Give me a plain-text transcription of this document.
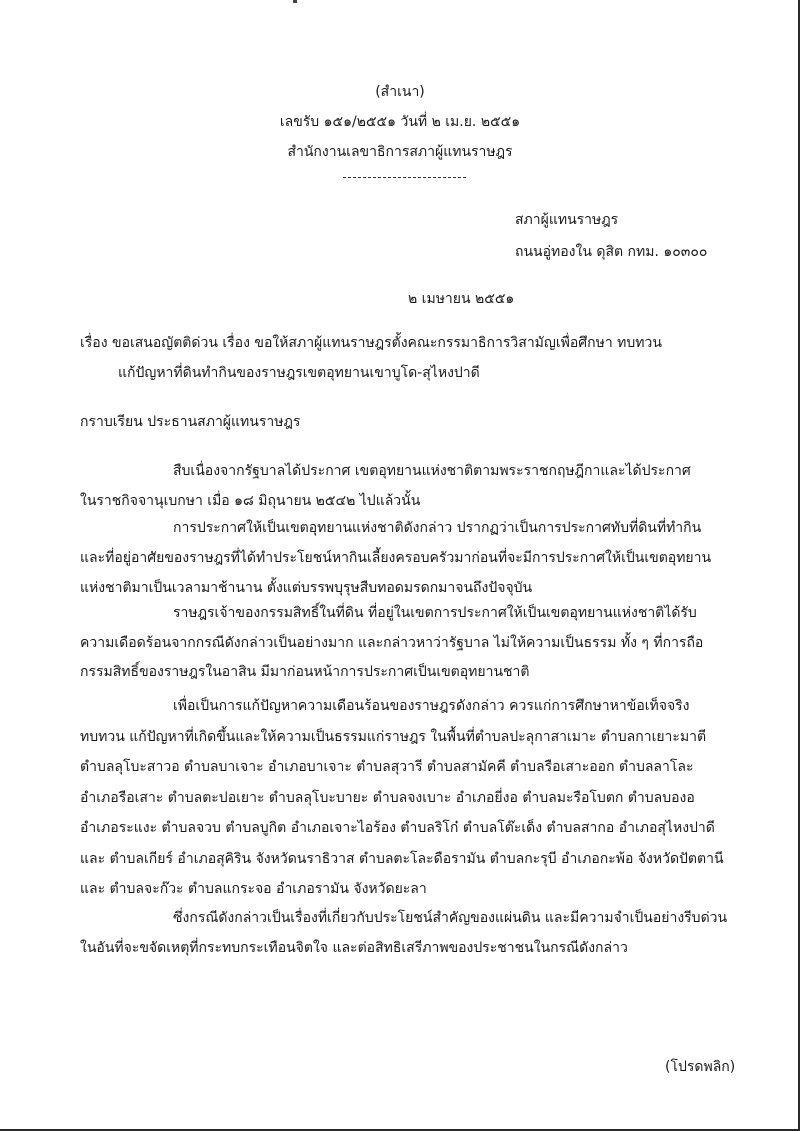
(สำเนา)
เลขรับ ๑๕๑/๒๕๕๑ วันที่ ๒ เม.ย. ๒๕๕๑
สำนักงานเลขาธิการสภาผู้แทนราษฎร
สภาผู้แทนราษฎร
ถนนอู่ทองใน ดุสิต กทม. ๑๐๓๐๐
๒ เมษายน ๒๕๕๑
เรื่อง ขอเสนอญัตติด่วน เรื่อง ขอให้สภาผู้แทนราษฎรตั้งคณะกรรมาธิการวิสามัญเพื่อศึกษา ทบทวน
แก้ปัญหาที่ดินทำกินของราษฎรเขตอุทยานเขาบูโด-สุไหงปาดี
กราบเรียน ประธานสภาผู้แทนราษฎร
สืบเนื่องจากรัฐบาลได้ประกาศ เขตอุทยานแห่งชาติตามพระราชกฤษฎีกาและได้ประกาศ
ในราชกิจจานุเบกษา เมื่อ ๑๘ มิถุนายน ๒๕๔๒ ไปแล้วนั้น
การประกาศให้เป็นเขตอุทยานแห่งชาติดังกล่าว ปรากฏว่าเป็นการประกาศทับที่ดินที่ทำกิน
และที่อยู่อาศัยของราษฎรที่ได้ทำประโยชน์หากินเลี้ยงครอบครัวมาก่อนที่จะมีการประกาศให้เป็นเขตอุทยาน
แห่งชาติมาเป็นเวลามาช้านาน ตั้งแต่บรรพบุรุษสืบทอดมรดกมาจนถึงปัจจุบัน
ราษฎรเจ้าของกรรมสิทธิ์ในที่ดิน ที่อยู่ในเขตการประกาศให้เป็นเขตอุทยานแห่งชาติได้รับ
ความเดือดร้อนจากกรณีดังกล่าวเป็นอย่างมาก และกล่าวหาว่ารัฐบาล ไม่ให้ความเป็นธรรม ทั้ง ๆ ที่การถือ
กรรมสิทธิ์ของราษฎรในอาสิน มีมาก่อนหน้าการประกาศเป็นเขตอุทยานชาติ
เพื่อเป็นการแก้ปัญหาความเดือนร้อนของราษฎรดังกล่าว ควรแก่การศึกษาหาข้อเท็จจริง
ทบทวน แก้ปัญหาที่เกิดขึ้นและให้ความเป็นธรรมแก่ราษฎร ในพื้นที่ตำบลปะลุกาสาเมาะ ตำบลกาเยาะมาตี
ตำบลลุโบะสาวอ ตำบลบาเจาะ อำเภอบาเจาะ ตำบลสุวารี ตำบลสามัคคี ตำบลรือเสาะออก ตำบลลาโละ
อำเภอรือเสาะ ตำบลตะปอเยาะ ตำบลลุโบะบายะ ตำบลจงเบาะ อำเภอยี่งอ ตำบลมะรือโบตก ตำบลบองอ
อำเภอระแงะ ตำบลจวบ ตำบลบูกิต อำเภอเจาะไอร้อง ตำบลริโก๋ ตำบลโต๊ะเด็ง ตำบลสากอ อำเภอสุไหงปาดี
และ ตำบลเกียร์ อำเภอสุคิริน จังหวัดนราธิวาส ตำบลตะโละดือรามัน ตำบลกะรุบี อำเภอกะพ้อ จังหวัดปัตตานี
และ ตำบลจะก๊วะ ตำบลแกระจอ อำเภอรามัน จังหวัดยะลา
ซึ่งกรณีดังกล่าวเป็นเรื่องที่เกี่ยวกับประโยชน์สำคัญของแผ่นดิน และมีความจำเป็นอย่างรีบด่วน
ในอันที่จะขจัดเหตุที่กระทบกระเทือนจิตใจ และต่อสิทธิเสรีภาพของประชาชนในกรณีดังกล่าว
(โปรดพลิก)
